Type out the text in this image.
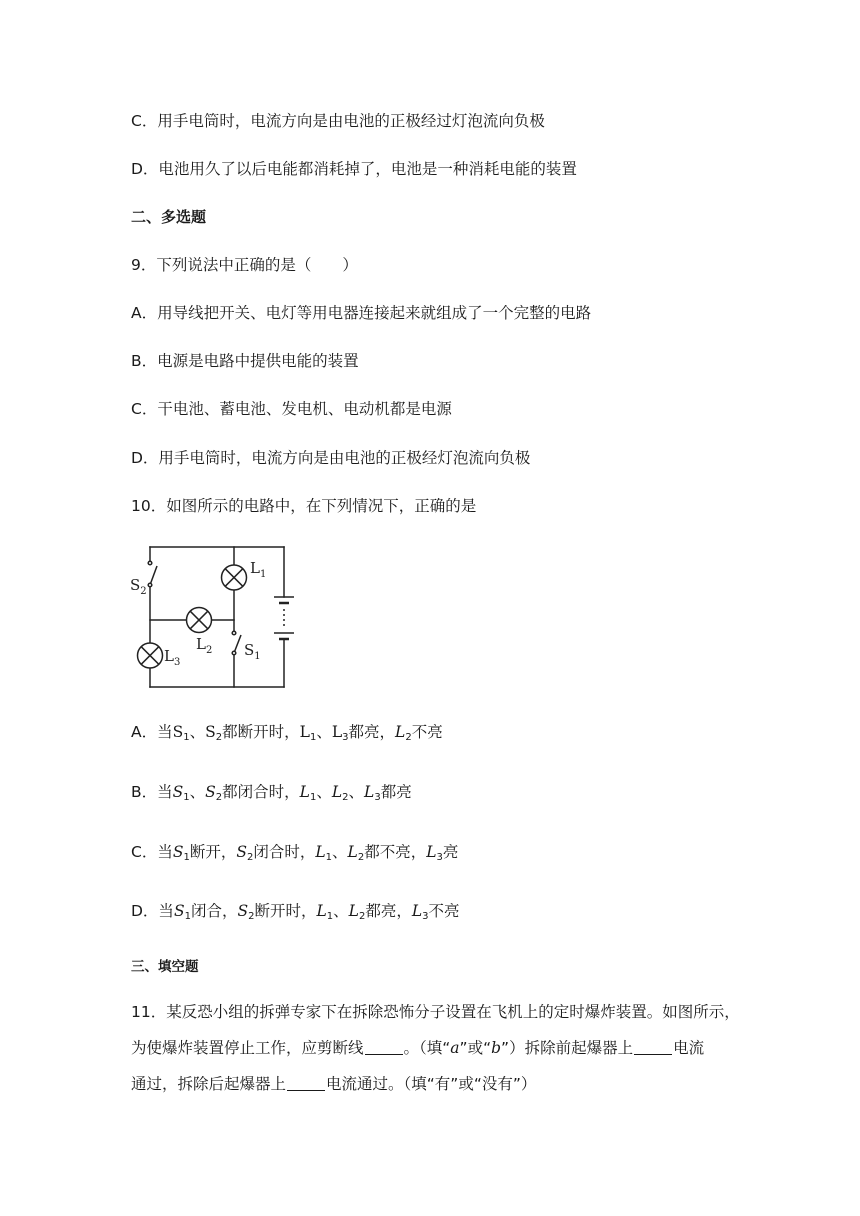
C．用手电筒时，电流方向是由电池的正极经过灯泡流向负极
D．电池用久了以后电能都消耗掉了，电池是一种消耗电能的装置
二、多选题
9．下列说法中正确的是（　　）
A．用导线把开关、电灯等用电器连接起来就组成了一个完整的电路
B．电源是电路中提供电能的装置
C．干电池、蓄电池、发电机、电动机都是电源
D．用手电筒时，电流方向是由电池的正极经灯泡流向负极
10．如图所示的电路中，在下列情况下，正确的是
$S_2$
$L_1$
$L_2$
$L_3$
$S_1$
A．当$S_1$、$S_2$都断开时，$L_1$、$L_3$都亮，$L_2$不亮
B．当$S_1$、$S_2$都闭合时，$L_1$、$L_2$、$L_3$都亮
C．当$S_1$断开，$S_2$闭合时，$L_1$、$L_2$都不亮，$L_3$亮
D．当$S_1$闭合，$S_2$断开时，$L_1$、$L_2$都亮，$L_3$不亮
三、填空题
11．某反恐小组的拆弹专家下在拆除恐怖分子设置在飞机上的定时爆炸装置。如图所示，
为使爆炸装置停止工作，应剪断线	。（填“a”或“b”）拆除前起爆器上	电流
通过，拆除后起爆器上	电流通过。（填“有”或“没有”）
